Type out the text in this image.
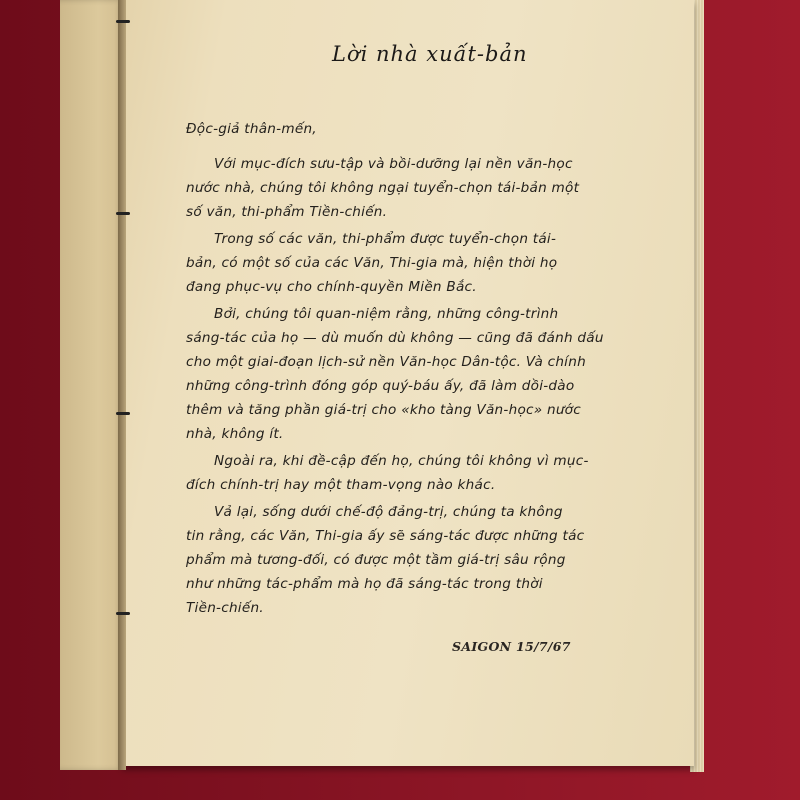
Lời nhà xuất-bản
Độc-giả thân-mến,
Với mục-đích sưu-tập và bồi-dưỡng lại nền văn-học
nước nhà, chúng tôi không ngại tuyển-chọn tái-bản một
số văn, thi-phẩm Tiền-chiến.
Trong số các văn, thi-phẩm được tuyển-chọn tái-
bản, có một số của các Văn, Thi-gia mà, hiện thời họ
đang phục-vụ cho chính-quyền Miền Bắc.
Bởi, chúng tôi quan-niệm rằng, những công-trình
sáng-tác của họ — dù muốn dù không — cũng đã đánh dấu
cho một giai-đoạn lịch-sử nền Văn-học Dân-tộc. Và chính
những công-trình đóng góp quý-báu ấy, đã làm dồi-dào
thêm và tăng phần giá-trị cho «kho tàng Văn-học» nước
nhà, không ít.
Ngoài ra, khi đề-cập đến họ, chúng tôi không vì mục-
đích chính-trị hay một tham-vọng nào khác.
Vả lại, sống dưới chế-độ đảng-trị, chúng ta không
tin rằng, các Văn, Thi-gia ấy sẽ sáng-tác được những tác
phẩm mà tương-đối, có được một tầm giá-trị sâu rộng
như những tác-phẩm mà họ đã sáng-tác trong thời
Tiền-chiến.
SAIGON 15/7/67
